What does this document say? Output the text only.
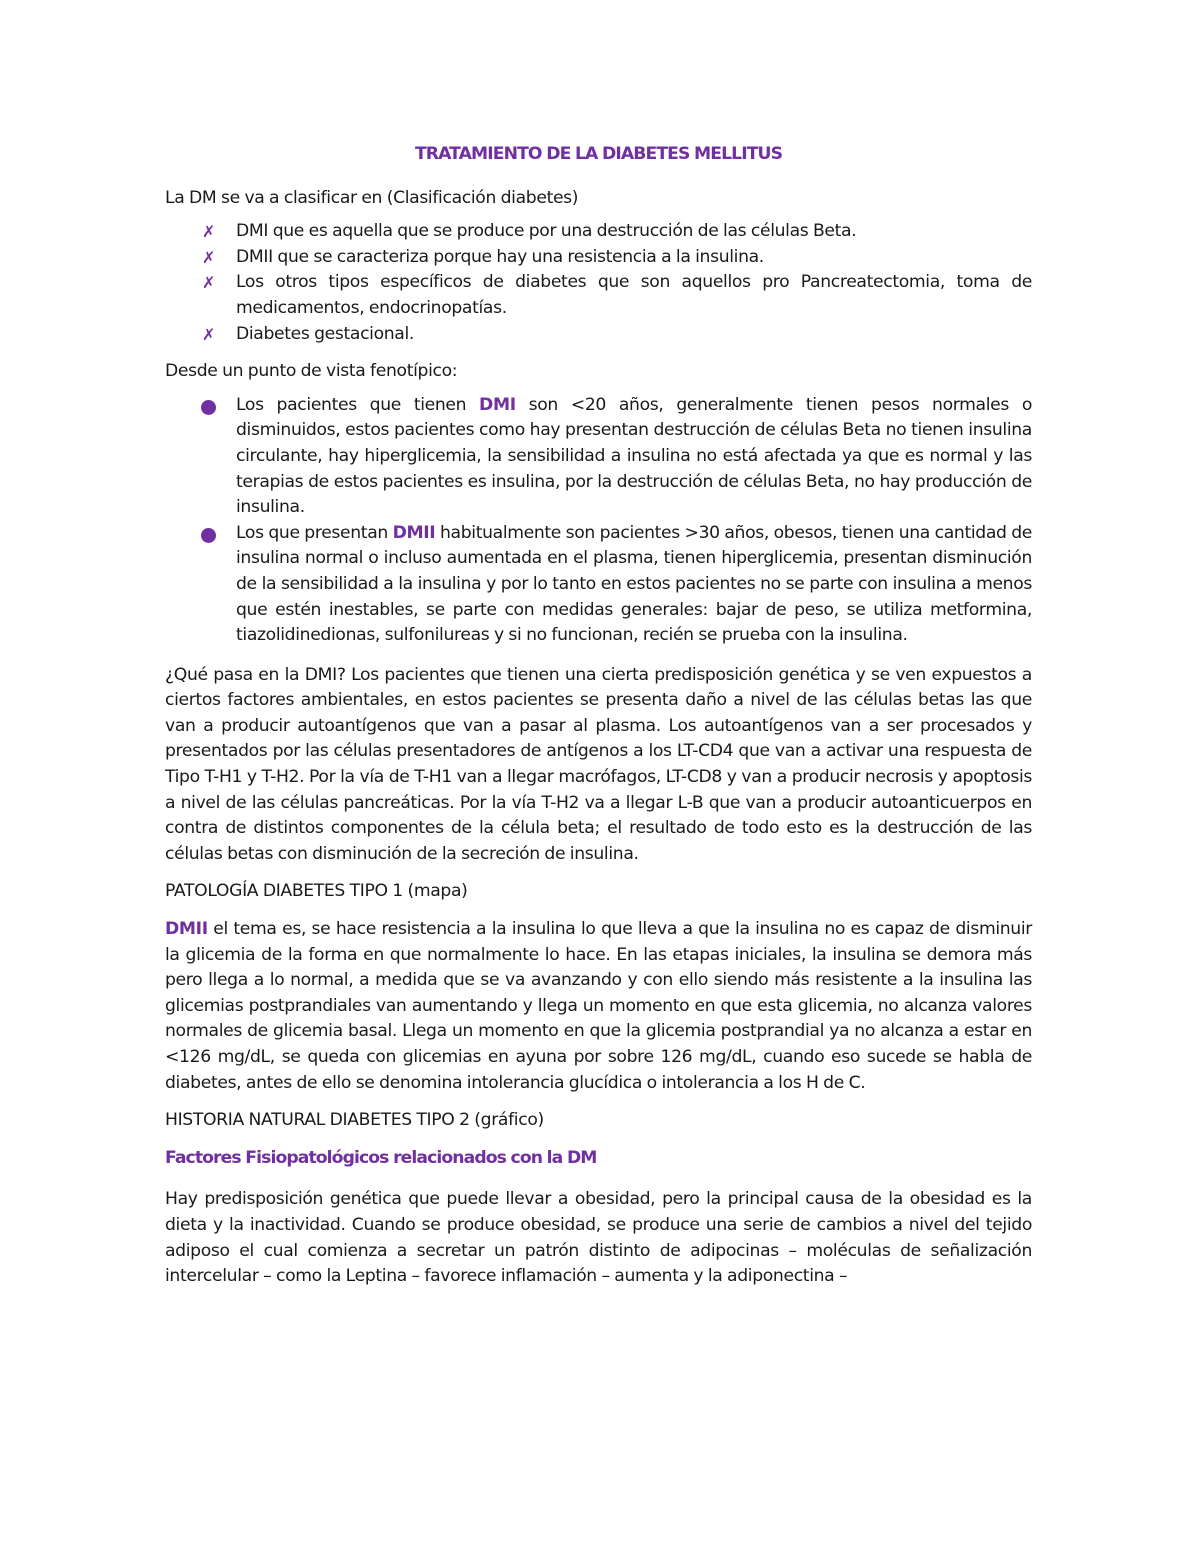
TRATAMIENTO DE LA DIABETES MELLITUS

La DM se va a clasificar en (Clasificación diabetes)

✗ DMI que es aquella que se produce por una destrucción de las células Beta.
✗ DMII que se caracteriza porque hay una resistencia a la insulina.
✗ Los otros tipos específicos de diabetes que son aquellos pro Pancreatectomia, toma de medicamentos, endocrinopatías.
✗ Diabetes gestacional.

Desde un punto de vista fenotípico:

Los pacientes que tienen DMI son <20 años, generalmente tienen pesos normales o disminuidos, estos pacientes como hay presentan destrucción de células Beta no tienen insulina circulante, hay hiperglicemia, la sensibilidad a insulina no está afectada ya que es normal y las terapias de estos pacientes es insulina, por la destrucción de células Beta, no hay producción de insulina.
Los que presentan DMII habitualmente son pacientes >30 años, obesos, tienen una cantidad de insulina normal o incluso aumentada en el plasma, tienen hiperglicemia, presentan disminución de la sensibilidad a la insulina y por lo tanto en estos pacientes no se parte con insulina a menos que estén inestables, se parte con medidas generales: bajar de peso, se utiliza metformina, tiazolidinedionas, sulfonilureas y si no funcionan, recién se prueba con la insulina.

¿Qué pasa en la DMI? Los pacientes que tienen una cierta predisposición genética y se ven expuestos a ciertos factores ambientales, en estos pacientes se presenta daño a nivel de las células betas las que van a producir autoantígenos que van a pasar al plasma. Los autoantígenos van a ser procesados y presentados por las células presentadores de antígenos a los LT-CD4 que van a activar una respuesta de Tipo T-H1 y T-H2. Por la vía de T-H1 van a llegar macrófagos, LT-CD8 y van a producir necrosis y apoptosis a nivel de las células pancreáticas. Por la vía T-H2 va a llegar L-B que van a producir autoanticuerpos en contra de distintos componentes de la célula beta; el resultado de todo esto es la destrucción de las células betas con disminución de la secreción de insulina.

PATOLOGÍA DIABETES TIPO 1 (mapa)

DMII el tema es, se hace resistencia a la insulina lo que lleva a que la insulina no es capaz de disminuir la glicemia de la forma en que normalmente lo hace. En las etapas iniciales, la insulina se demora más pero llega a lo normal, a medida que se va avanzando y con ello siendo más resistente a la insulina las glicemias postprandiales van aumentando y llega un momento en que esta glicemia, no alcanza valores normales de glicemia basal. Llega un momento en que la glicemia postprandial ya no alcanza a estar en <126 mg/dL, se queda con glicemias en ayuna por sobre 126 mg/dL, cuando eso sucede se habla de diabetes, antes de ello se denomina intolerancia glucídica o intolerancia a los H de C.

HISTORIA NATURAL DIABETES TIPO 2 (gráfico)

Factores Fisiopatológicos relacionados con la DM

Hay predisposición genética que puede llevar a obesidad, pero la principal causa de la obesidad es la dieta y la inactividad. Cuando se produce obesidad, se produce una serie de cambios a nivel del tejido adiposo el cual comienza a secretar un patrón distinto de adipocinas – moléculas de señalización intercelular – como la Leptina – favorece inflamación – aumenta y la adiponectina –
